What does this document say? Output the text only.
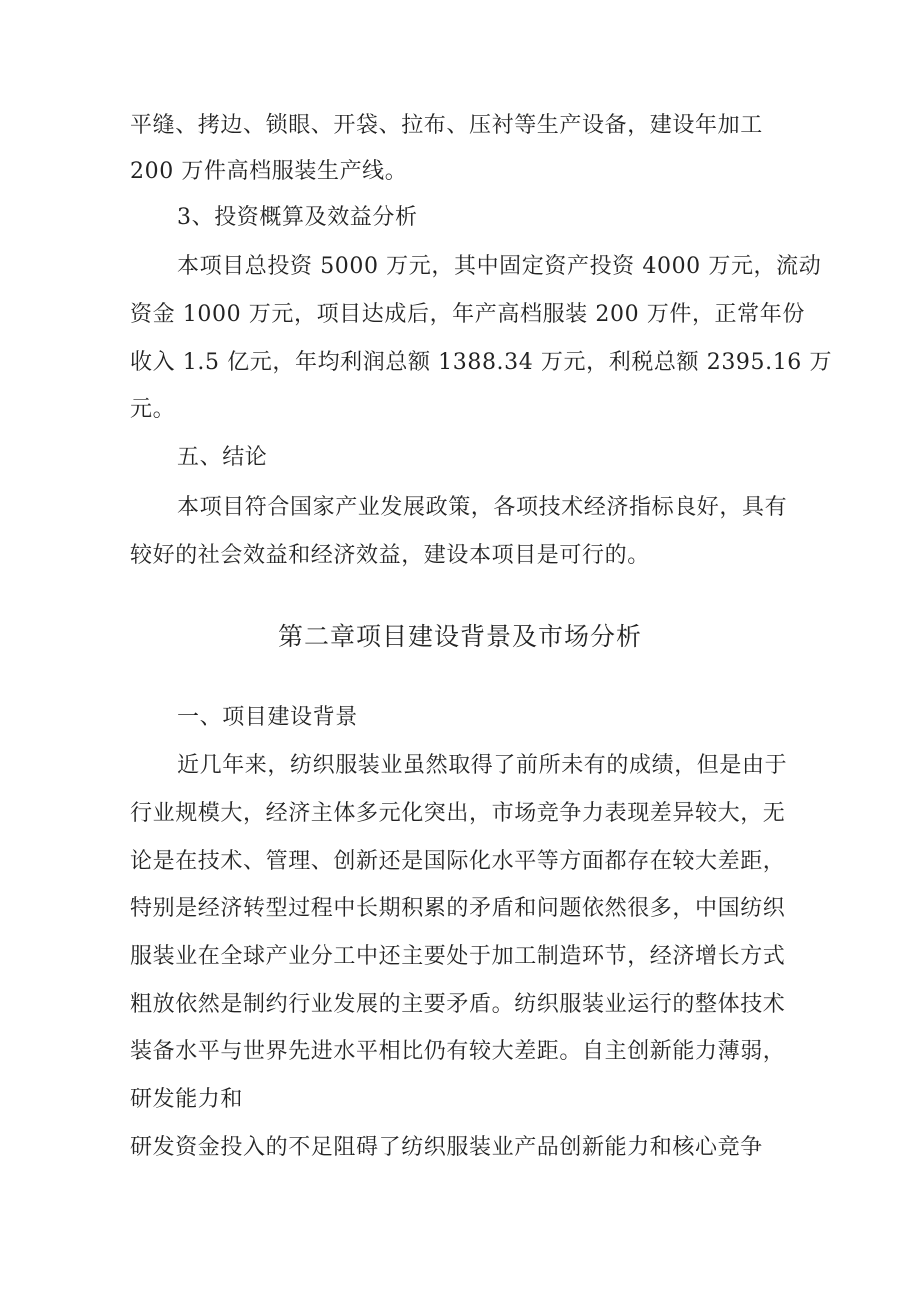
平缝、拷边、锁眼、开袋、拉布、压衬等生产设备，建设年加工
200 万件高档服装生产线。
3、投资概算及效益分析
本项目总投资 5000 万元，其中固定资产投资 4000 万元，流动
资金 1000 万元，项目达成后，年产高档服装 200 万件，正常年份
收入 1.5 亿元，年均利润总额 1388.34 万元，利税总额 2395.16 万
元。
五、结论
本项目符合国家产业发展政策，各项技术经济指标良好，具有
较好的社会效益和经济效益，建设本项目是可行的。
第二章项目建设背景及市场分析
一、项目建设背景
近几年来，纺织服装业虽然取得了前所未有的成绩，但是由于
行业规模大，经济主体多元化突出，市场竞争力表现差异较大，无
论是在技术、管理、创新还是国际化水平等方面都存在较大差距，
特别是经济转型过程中长期积累的矛盾和问题依然很多，中国纺织
服装业在全球产业分工中还主要处于加工制造环节，经济增长方式
粗放依然是制约行业发展的主要矛盾。纺织服装业运行的整体技术
装备水平与世界先进水平相比仍有较大差距。自主创新能力薄弱，
研发能力和
研发资金投入的不足阻碍了纺织服装业产品创新能力和核心竞争
